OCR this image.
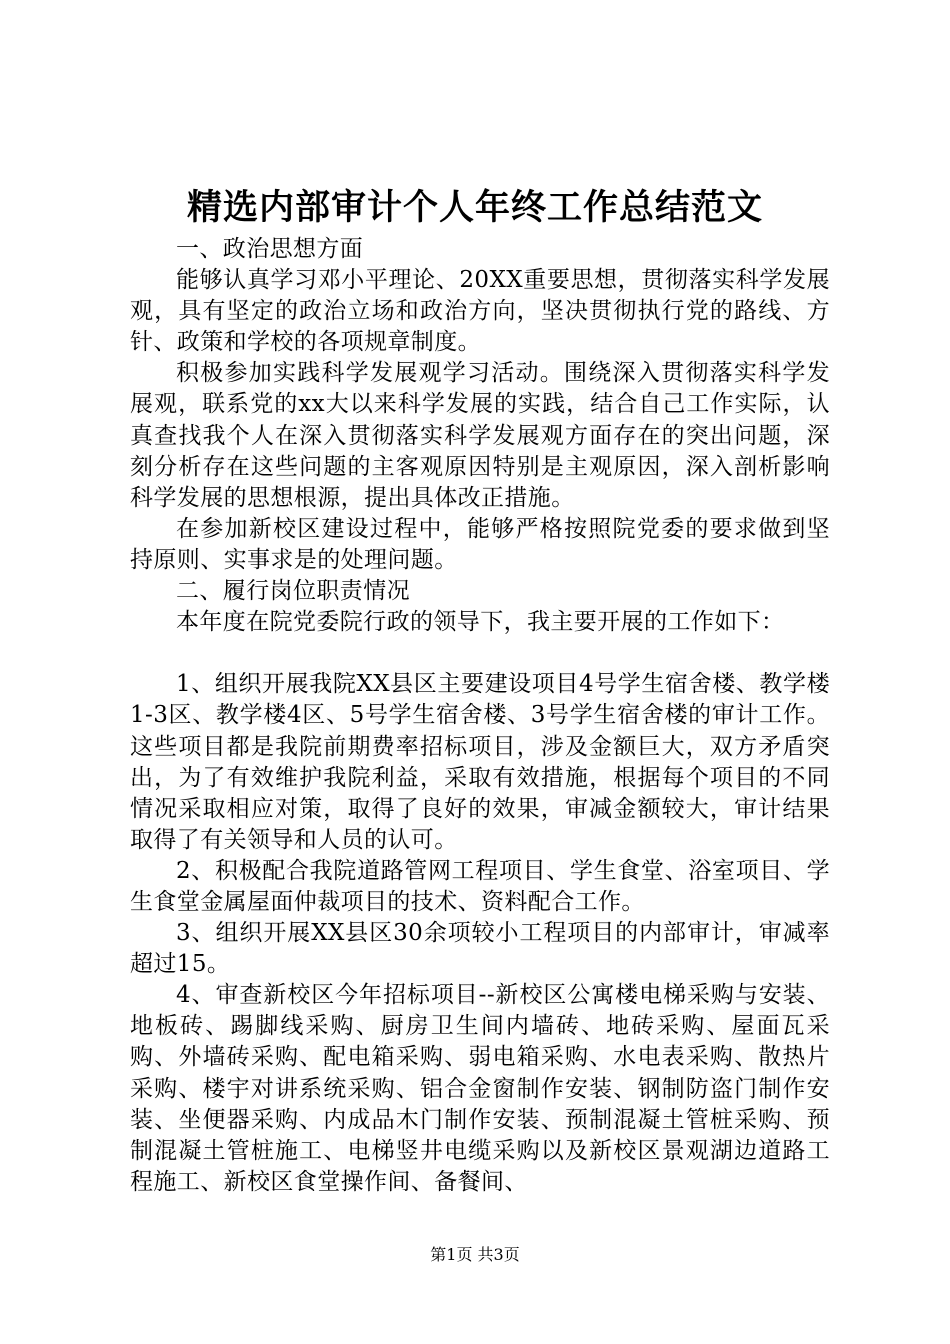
精选内部审计个人年终工作总结范文

一、政治思想方面

能够认真学习邓小平理论、20XX重要思想，贯彻落实科学发展观，具有坚定的政治立场和政治方向，坚决贯彻执行党的路线、方针、政策和学校的各项规章制度。

积极参加实践科学发展观学习活动。围绕深入贯彻落实科学发展观，联系党的xx大以来科学发展的实践，结合自己工作实际，认真查找我个人在深入贯彻落实科学发展观方面存在的突出问题，深刻分析存在这些问题的主客观原因特别是主观原因，深入剖析影响科学发展的思想根源，提出具体改正措施。

在参加新校区建设过程中，能够严格按照院党委的要求做到坚持原则、实事求是的处理问题。

二、履行岗位职责情况

本年度在院党委院行政的领导下，我主要开展的工作如下：

1、组织开展我院XX县区主要建设项目4号学生宿舍楼、教学楼1-3区、教学楼4区、5号学生宿舍楼、3号学生宿舍楼的审计工作。这些项目都是我院前期费率招标项目，涉及金额巨大，双方矛盾突出，为了有效维护我院利益，采取有效措施，根据每个项目的不同情况采取相应对策，取得了良好的效果，审减金额较大，审计结果取得了有关领导和人员的认可。

2、积极配合我院道路管网工程项目、学生食堂、浴室项目、学生食堂金属屋面仲裁项目的技术、资料配合工作。

3、组织开展XX县区30余项较小工程项目的内部审计，审减率超过15。

4、审查新校区今年招标项目--新校区公寓楼电梯采购与安装、地板砖、踢脚线采购、厨房卫生间内墙砖、地砖采购、屋面瓦采购、外墙砖采购、配电箱采购、弱电箱采购、水电表采购、散热片采购、楼宇对讲系统采购、铝合金窗制作安装、钢制防盗门制作安装、坐便器采购、内成品木门制作安装、预制混凝土管桩采购、预制混凝土管桩施工、电梯竖井电缆采购以及新校区景观湖边道路工程施工、新校区食堂操作间、备餐间、

第1页 共3页
